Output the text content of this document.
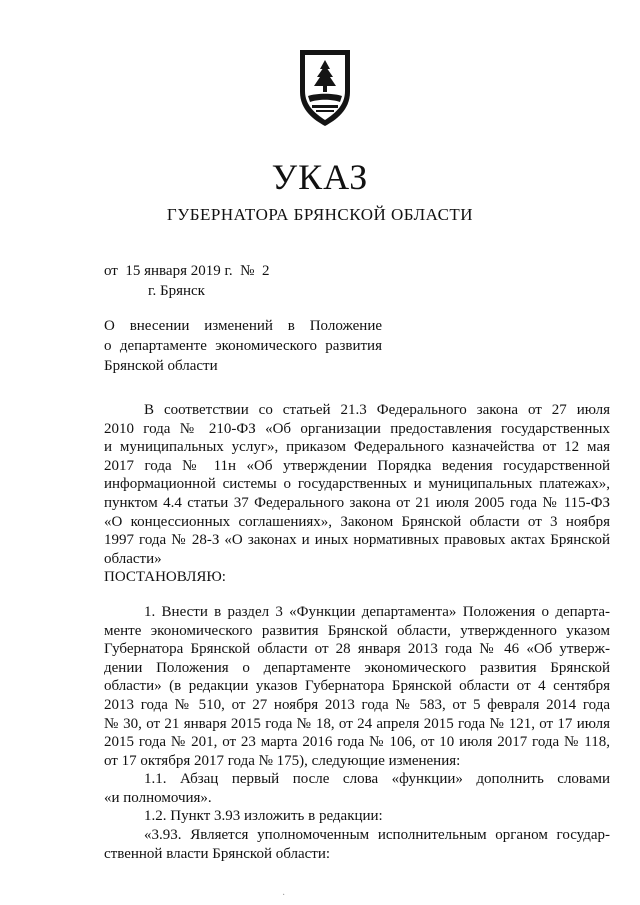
УКАЗ
ГУБЕРНАТОРА БРЯНСКОЙ ОБЛАСТИ
от  15 января 2019 г.  №  2
г. Брянск
О внесении изменений в Положение
о департаменте экономического развития
Брянской области
В соответствии со статьей 21.3 Федерального закона от 27 июля
2010 года № 210-ФЗ «Об организации предоставления государственных
и муниципальных услуг», приказом Федерального казначейства от 12 мая
2017 года № 11н «Об утверждении Порядка ведения государственной
информационной системы о государственных и муниципальных платежах»,
пунктом 4.4 статьи 37 Федерального закона от 21 июля 2005 года № 115-ФЗ
«О концессионных соглашениях», Законом Брянской области от 3 ноября
1997 года № 28-З «О законах и иных нормативных правовых актах Брянской
области»
ПОСТАНОВЛЯЮ:
1. Внести в раздел 3 «Функции департамента» Положения о департа-
менте экономического развития Брянской области, утвержденного указом
Губернатора Брянской области от 28 января 2013 года № 46 «Об утверж-
дении Положения о департаменте экономического развития Брянской
области» (в редакции указов Губернатора Брянской области от 4 сентября
2013 года № 510, от 27 ноября 2013 года № 583, от 5 февраля 2014 года
№ 30, от 21 января 2015 года № 18, от 24 апреля 2015 года № 121, от 17 июля
2015 года № 201, от 23 марта 2016 года № 106, от 10 июля 2017 года № 118,
от 17 октября 2017 года № 175), следующие изменения:
1.1. Абзац первый после слова «функции» дополнить словами
«и полномочия».
1.2. Пункт 3.93 изложить в редакции:
«3.93. Является уполномоченным исполнительным органом государ-
ственной власти Брянской области:
·
